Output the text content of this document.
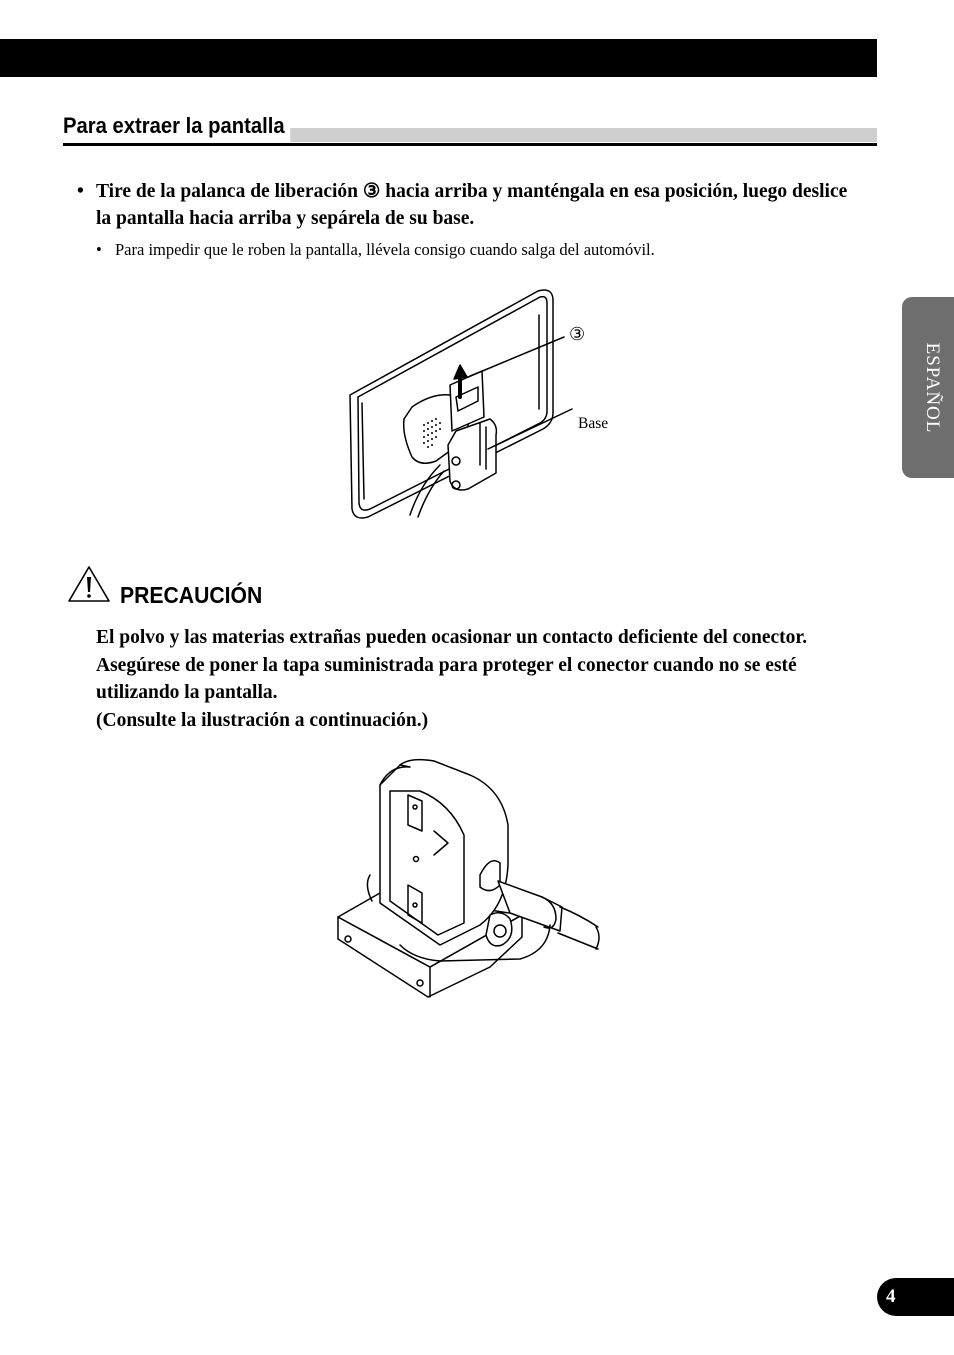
Para extraer la pantalla
• Tire de la palanca de liberación ③ hacia arriba y manténgala en esa posición, luego deslice la pantalla hacia arriba y sepárela de su base.
• Para impedir que le roben la pantalla, llévela consigo cuando salga del automóvil.
③
Base
PRECAUCIÓN

El polvo y las materias extrañas pueden ocasionar un contacto deficiente del conector. Asegúrese de poner la tapa suministrada para proteger el conector cuando no se esté utilizando la pantalla.

(Consulte la ilustración a continuación.)

ESPAÑOL
4
